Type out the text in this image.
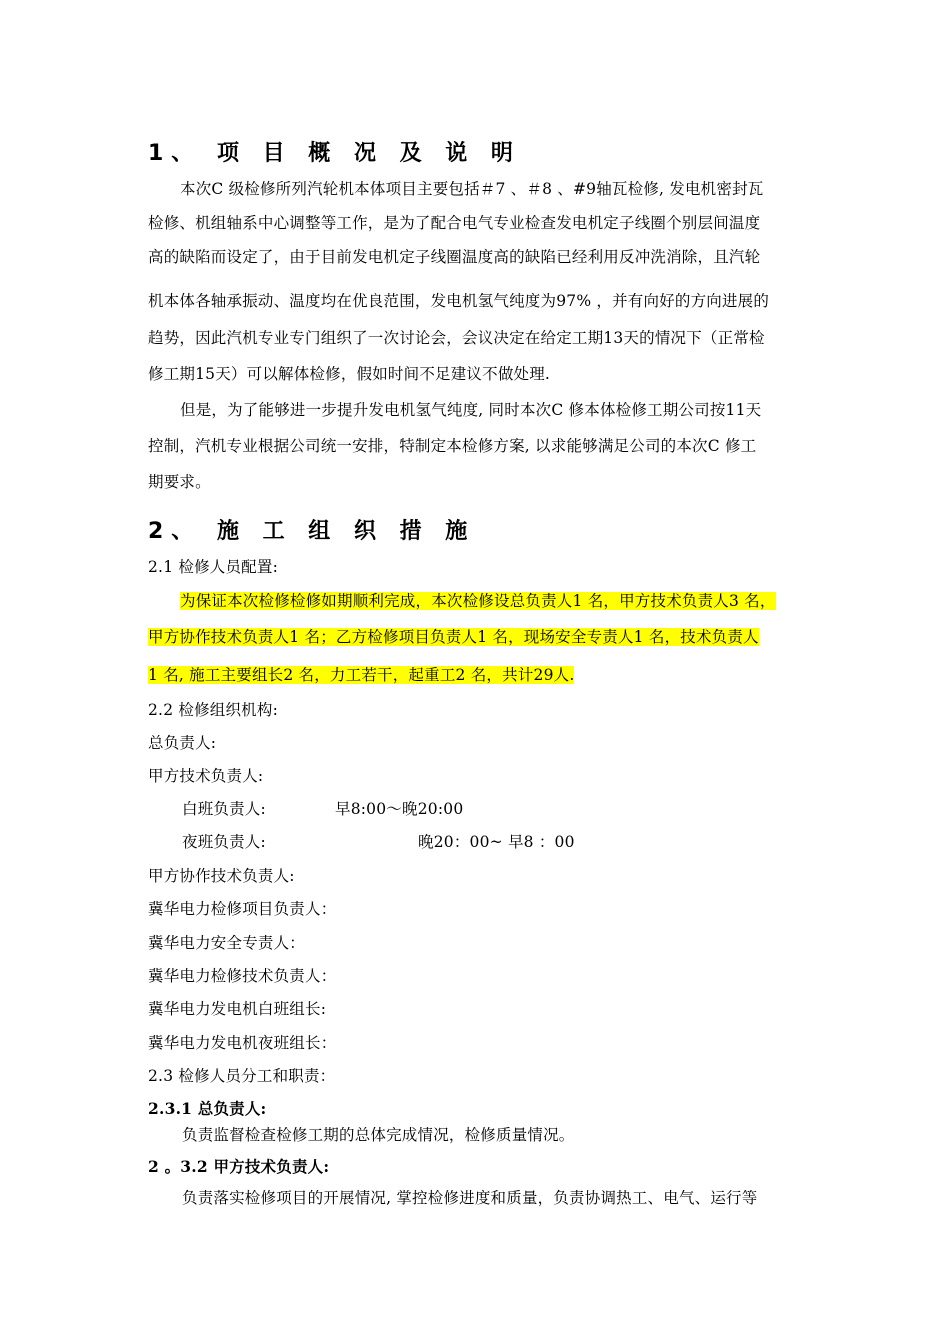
1、 项 目 概 况 及 说 明
本次C 级检修所列汽轮机本体项目主要包括＃7 、＃8 、#9轴瓦检修, 发电机密封瓦
检修、机组轴系中心调整等工作，是为了配合电气专业检查发电机定子线圈个别层间温度
高的缺陷而设定了，由于目前发电机定子线圈温度高的缺陷已经利用反冲洗消除，且汽轮
机本体各轴承振动、温度均在优良范围，发电机氢气纯度为97% ，并有向好的方向进展的
趋势，因此汽机专业专门组织了一次讨论会，会议决定在给定工期13天的情况下（正常检
修工期15天）可以解体检修，假如时间不足建议不做处理.
但是，为了能够进一步提升发电机氢气纯度, 同时本次C 修本体检修工期公司按11天
控制，汽机专业根据公司统一安排，特制定本检修方案, 以求能够满足公司的本次C 修工
期要求。
2、 施 工 组 织 措 施
2.1 检修人员配置:
为保证本次检修检修如期顺利完成，本次检修设总负责人1 名，甲方技术负责人3 名，
甲方协作技术负责人1 名；乙方检修项目负责人1 名，现场安全专责人1 名，技术负责人
1 名, 施工主要组长2 名，力工若干，起重工2 名，共计29人.
2.2 检修组织机构:
总负责人:
甲方技术负责人:
白班负责人:	早8:00～晚20:00
夜班负责人:	晚20：00~ 早8 ：00
甲方协作技术负责人:
冀华电力检修项目负责人：
冀华电力安全专责人：
冀华电力检修技术负责人：
冀华电力发电机白班组长:
冀华电力发电机夜班组长：
2.3 检修人员分工和职责：
2.3.1 总负责人:
负责监督检查检修工期的总体完成情况，检修质量情况。
2 。3.2 甲方技术负责人:
负责落实检修项目的开展情况, 掌控检修进度和质量，负责协调热工、电气、运行等
